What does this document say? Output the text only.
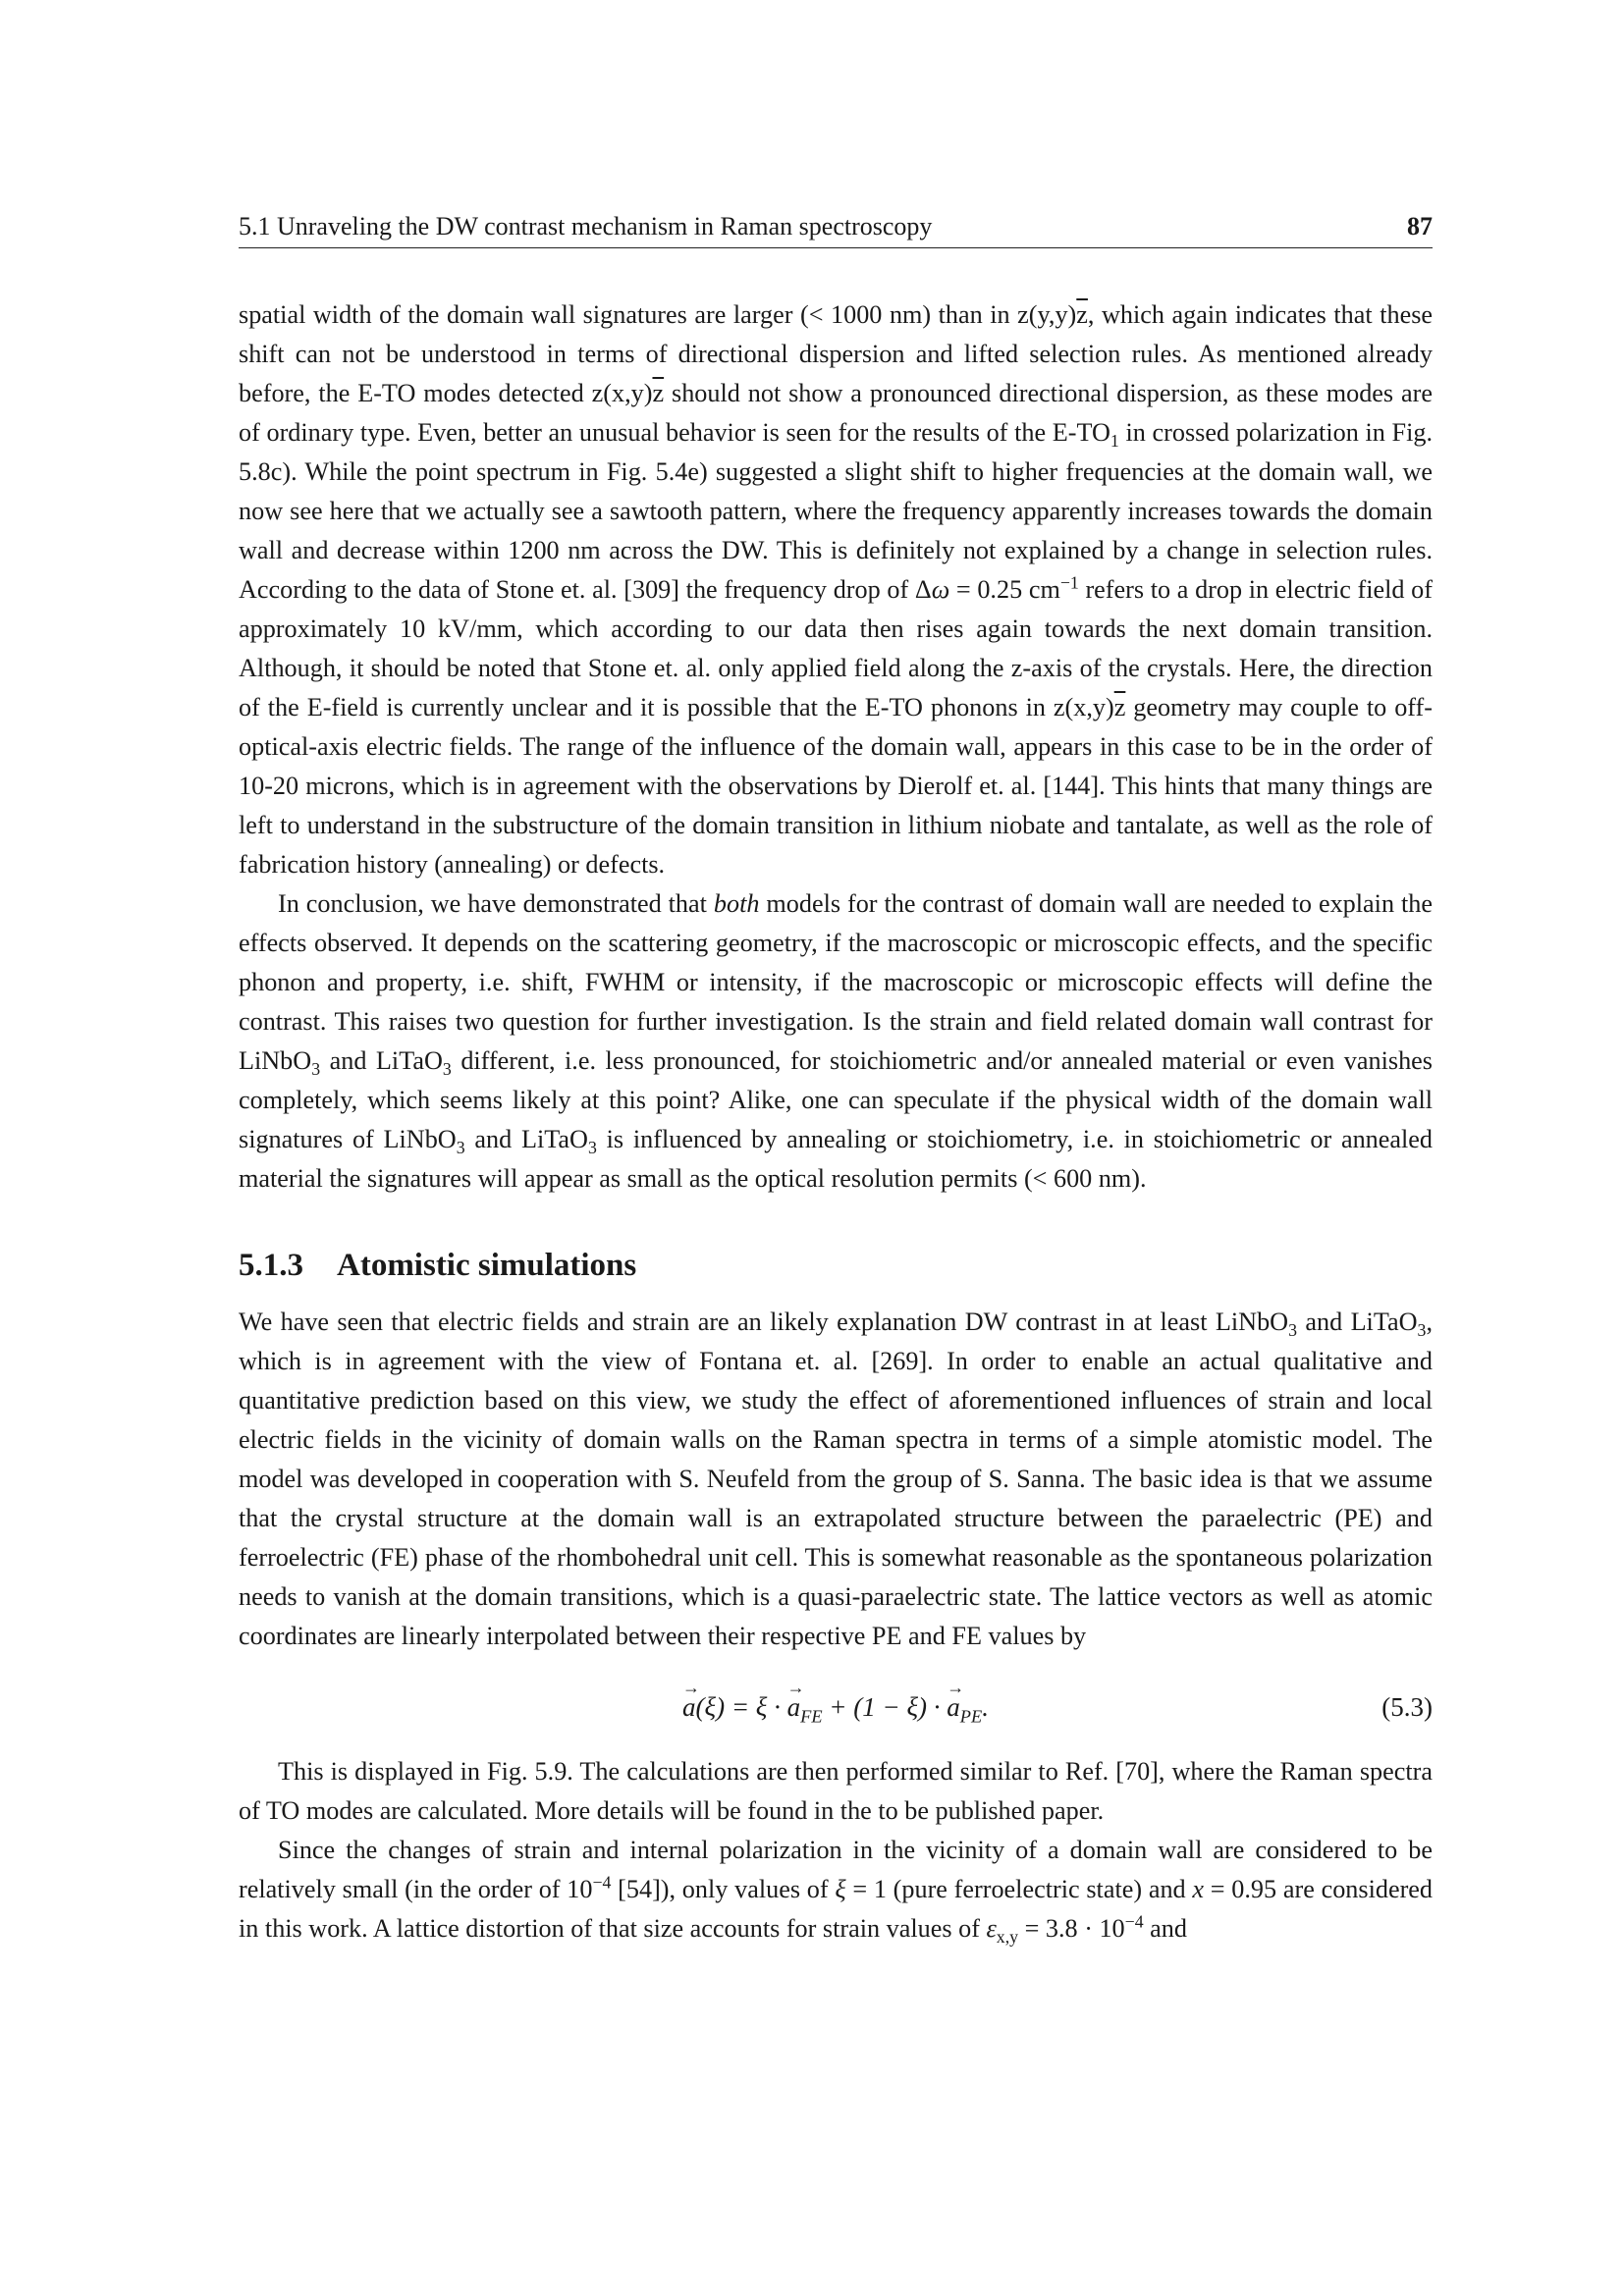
5.1 Unraveling the DW contrast mechanism in Raman spectroscopy	87

spatial width of the domain wall signatures are larger (< 1000 nm) than in $z(y,y)\overline{z}$, which again indicates that these shift can not be understood in terms of directional dispersion and lifted selection rules. As mentioned already before, the E-TO modes detected $z(x,y)\overline{z}$ should not show a pronounced directional dispersion, as these modes are of ordinary type. Even, better an unusual behavior is seen for the results of the $E-TO_1$ in crossed polarization in Fig. 5.8c). While the point spectrum in Fig. 5.4e) suggested a slight shift to higher frequencies at the domain wall, we now see here that we actually see a sawtooth pattern, where the frequency apparently increases towards the domain wall and decrease within 1200 nm across the DW. This is definitely not explained by a change in selection rules. According to the data of Stone et. al. [309] the frequency drop of Δω = 0.25 $cm^{-1}$ refers to a drop in electric field of approximately 10 kV/mm, which according to our data then rises again towards the next domain transition. Although, it should be noted that Stone et. al. only applied field along the z-axis of the crystals. Here, the direction of the E-field is currently unclear and it is possible that the E-TO phonons in $z(x,y)\overline{z}$ geometry may couple to off-optical-axis electric fields. The range of the influence of the domain wall, appears in this case to be in the order of 10-20 microns, which is in agreement with the observations by Dierolf et. al. [144]. This hints that many things are left to understand in the substructure of the domain transition in lithium niobate and tantalate, as well as the role of fabrication history (annealing) or defects.

In conclusion, we have demonstrated that both models for the contrast of domain wall are needed to explain the effects observed. It depends on the scattering geometry, if the macroscopic or microscopic effects, and the specific phonon and property, i.e. shift, FWHM or intensity, if the macroscopic or microscopic effects will define the contrast. This raises two question for further investigation. Is the strain and field related domain wall contrast for LiNbO$_3$ and LiTaO$_3$ different, i.e. less pronounced, for stoichiometric and/or annealed material or even vanishes completely, which seems likely at this point? Alike, one can speculate if the physical width of the domain wall signatures of LiNbO$_3$ and LiTaO$_3$ is influenced by annealing or stoichiometry, i.e. in stoichiometric or annealed material the signatures will appear as small as the optical resolution permits (< 600 nm).

5.1.3 Atomistic simulations

We have seen that electric fields and strain are an likely explanation DW contrast in at least LiNbO$_3$ and LiTaO$_3$, which is in agreement with the view of Fontana et. al. [269]. In order to enable an actual qualitative and quantitative prediction based on this view, we study the effect of aforementioned influences of strain and local electric fields in the vicinity of domain walls on the Raman spectra in terms of a simple atomistic model. The model was developed in cooperation with S. Neufeld from the group of S. Sanna. The basic idea is that we assume that the crystal structure at the domain wall is an extrapolated structure between the paraelectric (PE) and ferroelectric (FE) phase of the rhombohedral unit cell. This is somewhat reasonable as the spontaneous polarization needs to vanish at the domain transitions, which is a quasi-paraelectric state. The lattice vectors as well as atomic coordinates are linearly interpolated between their respective PE and FE values by

→ a(ξ) = ξ · → $a_{FE} + (1 - \xi)$ · → $a_{PE}$.	(5.3)

This is displayed in Fig. 5.9. The calculations are then performed similar to Ref. [70], where the Raman spectra of TO modes are calculated. More details will be found in the to be published paper.

Since the changes of strain and internal polarization in the vicinity of a domain wall are considered to be relatively small (in the order of $10^{-4}$ [54]), only values of ξ = 1 (pure ferroelectric state) and x = 0.95 are considered in this work. A lattice distortion of that size accounts for strain values of $\varepsilon_{x,y} = 3.8 \cdot 10^{-4}$ and
